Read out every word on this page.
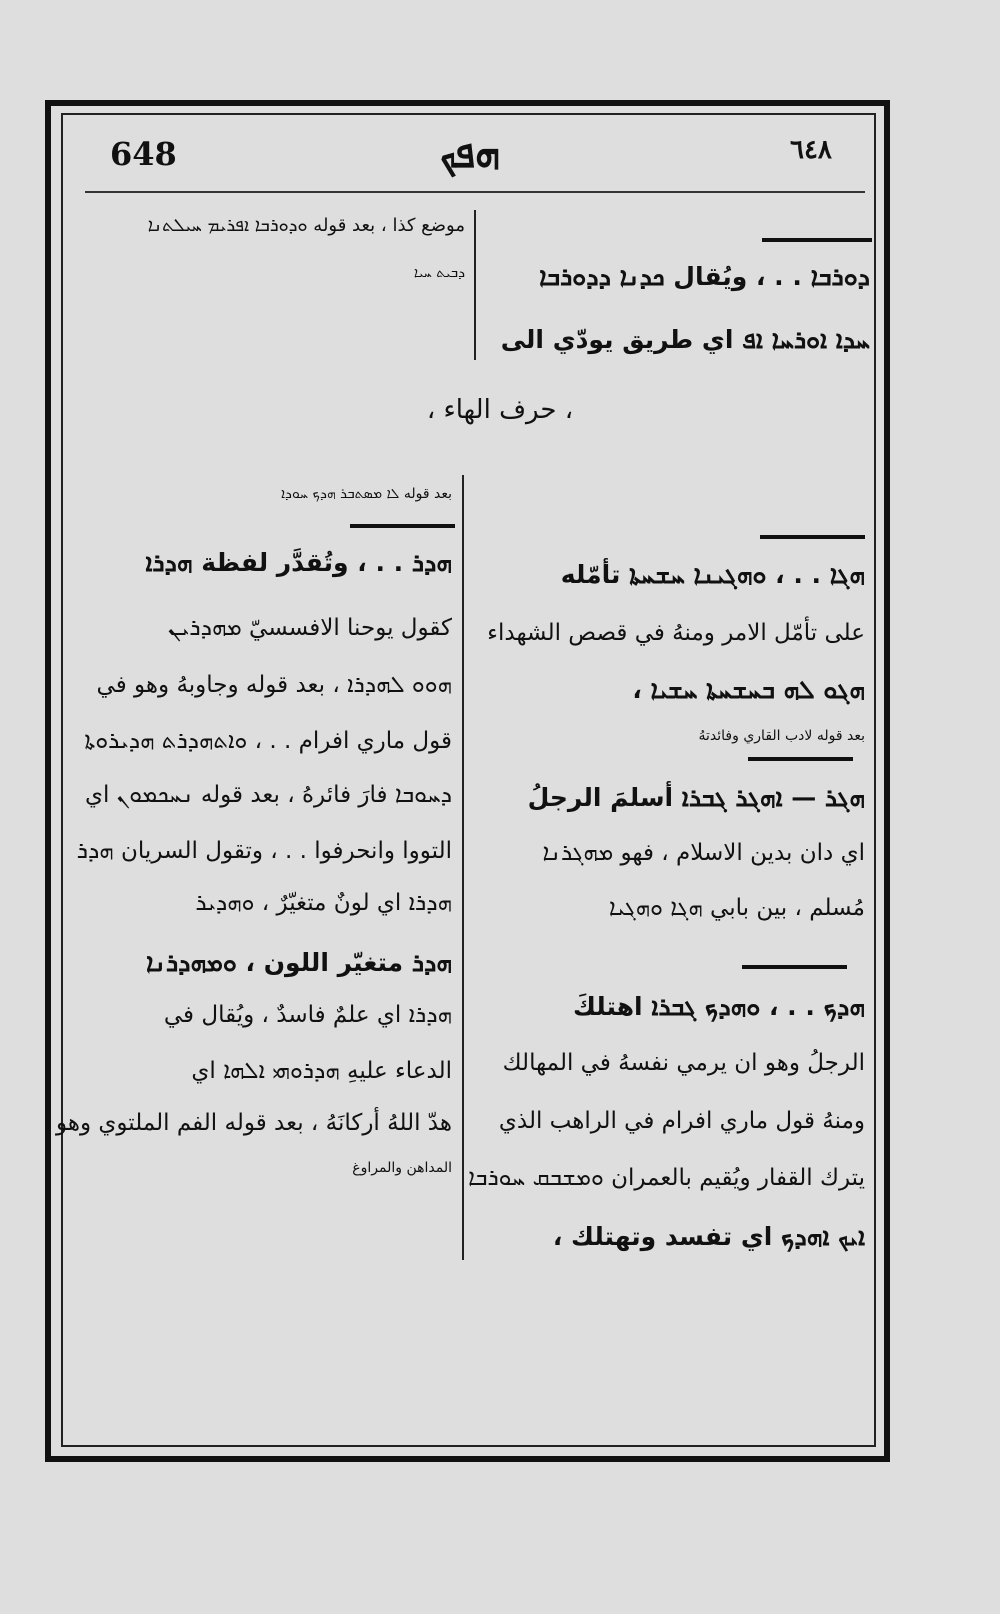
648	ܗܦܟ	٦٤٨
ܕܘܪܒܐ . . ، ويُقال ܟܕܢܐ ܕܕܘܪܒܐ
ܚܕܐ ܐܘܪܚܐ ܐܦ اي طريق يودّي الى
موضع كذا ، بعد قوله ܘܕܘܪܒܐ ܐܦܪܝܡ ܚܝܠܬܢܐ
ܕܒܝܬ ܚܝܐ
، حرف الهاء ،
ܗܓܐ . . ، ܘܗܓܝܢܐ ܚܫܚܬܐ تأمّله
على تأمّل الامر ومنهُ في قصص الشهداء
ܗܓܘ ܠܗ ܒܚܫܚܬܐ ܚܫܝܐ ،
بعد قوله لادب القاري وفائدتهُ
ܗܓܪ — ܐܗܓܪ ܓܒܪܐ أسلمَ الرجلُ
اي دان بدين الاسلام ، فهو ܡܗܓܪܢܐ
مُسلم ، بين بابي ܗܓܐ ܘܗܓܝܐ
ܗܕܟ . . ، ܘܗܕܟ ܓܒܪܐ اهتلكَ
الرجلُ وهو ان يرمي نفسهُ في المهالك
ومنهُ قول ماري افرام في الراهب الذي
يترك القفار ويُقيم بالعمران ܘܡܫܒܩ ܚܘܪܒܐ
ܐܝܟ ܐܗܕܟ اي تفسد وتهتلك ،
بعد قوله ܠܐ ܡܣܬܒܪ ܗܕܟ ܚܘܕܐ
ܗܕܪ . . ، وتُقدَّر لفظة ܗܕܪܐ
كقول يوحنا الافسسيّ ܡܗܕܪܝܢ
ܗܘܘ ܠܗܕܪܐ ، بعد قوله وجاوبهُ وهو في
قول ماري افرام . . ، ܘܐܬܗܕܪܬ ܗܕܝܪܘܬܐ
ܕܚܘܒܐ فارَ فائرهُ ، بعد قوله ܢܚܟܡܘܢ اي
التووا وانحرفوا . . ، وتقول السريان ܗܕܪ
ܗܕܪܐ اي لونٌ متغيّرٌ ، ܘܗܕܝܪ
ܗܕܪ متغيّر اللون ، ܘܡܗܕܪܢܐ
ܗܕܪܐ اي علمٌ فاسدٌ ، ويُقال في
الدعاء عليهِ ܗܕܪܘܗܝ ܐܠܗܐ اي
هدّ اللهُ أركانَهُ ، بعد قوله الفم الملتوي وهو
المداهن والمراوغ
